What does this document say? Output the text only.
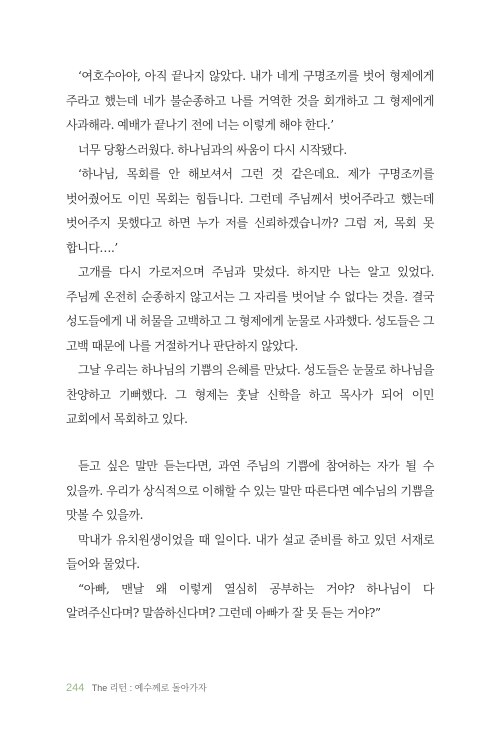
‘여호수아야, 아직 끝나지 않았다. 내가 네게 구명조끼를 벗어 형제에게 주라고 했는데 네가 불순종하고 나를 거역한 것을 회개하고 그 형제에게 사과해라. 예배가 끝나기 전에 너는 이렇게 해야 한다.’

너무 당황스러웠다. 하나님과의 싸움이 다시 시작됐다.

‘하나님, 목회를 안 해보셔서 그런 것 같은데요. 제가 구명조끼를 벗어줬어도 이민 목회는 힘듭니다. 그런데 주님께서 벗어주라고 했는데 벗어주지 못했다고 하면 누가 저를 신뢰하겠습니까? 그럼 저, 목회 못 합니다….’

고개를 다시 가로저으며 주님과 맞섰다. 하지만 나는 알고 있었다. 주님께 온전히 순종하지 않고서는 그 자리를 벗어날 수 없다는 것을. 결국 성도들에게 내 허물을 고백하고 그 형제에게 눈물로 사과했다. 성도들은 그 고백 때문에 나를 거절하거나 판단하지 않았다.

그날 우리는 하나님의 기쁨의 은혜를 만났다. 성도들은 눈물로 하나님을 찬양하고 기뻐했다. 그 형제는 훗날 신학을 하고 목사가 되어 이민 교회에서 목회하고 있다.

듣고 싶은 말만 듣는다면, 과연 주님의 기쁨에 참여하는 자가 될 수 있을까. 우리가 상식적으로 이해할 수 있는 말만 따른다면 예수님의 기쁨을 맛볼 수 있을까.

막내가 유치원생이었을 때 일이다. 내가 설교 준비를 하고 있던 서재로 들어와 물었다.

“아빠, 맨날 왜 이렇게 열심히 공부하는 거야? 하나님이 다 알려주신다며? 말씀하신다며? 그런데 아빠가 잘 못 듣는 거야?”

244 The 리턴 : 예수께로 돌아가자
